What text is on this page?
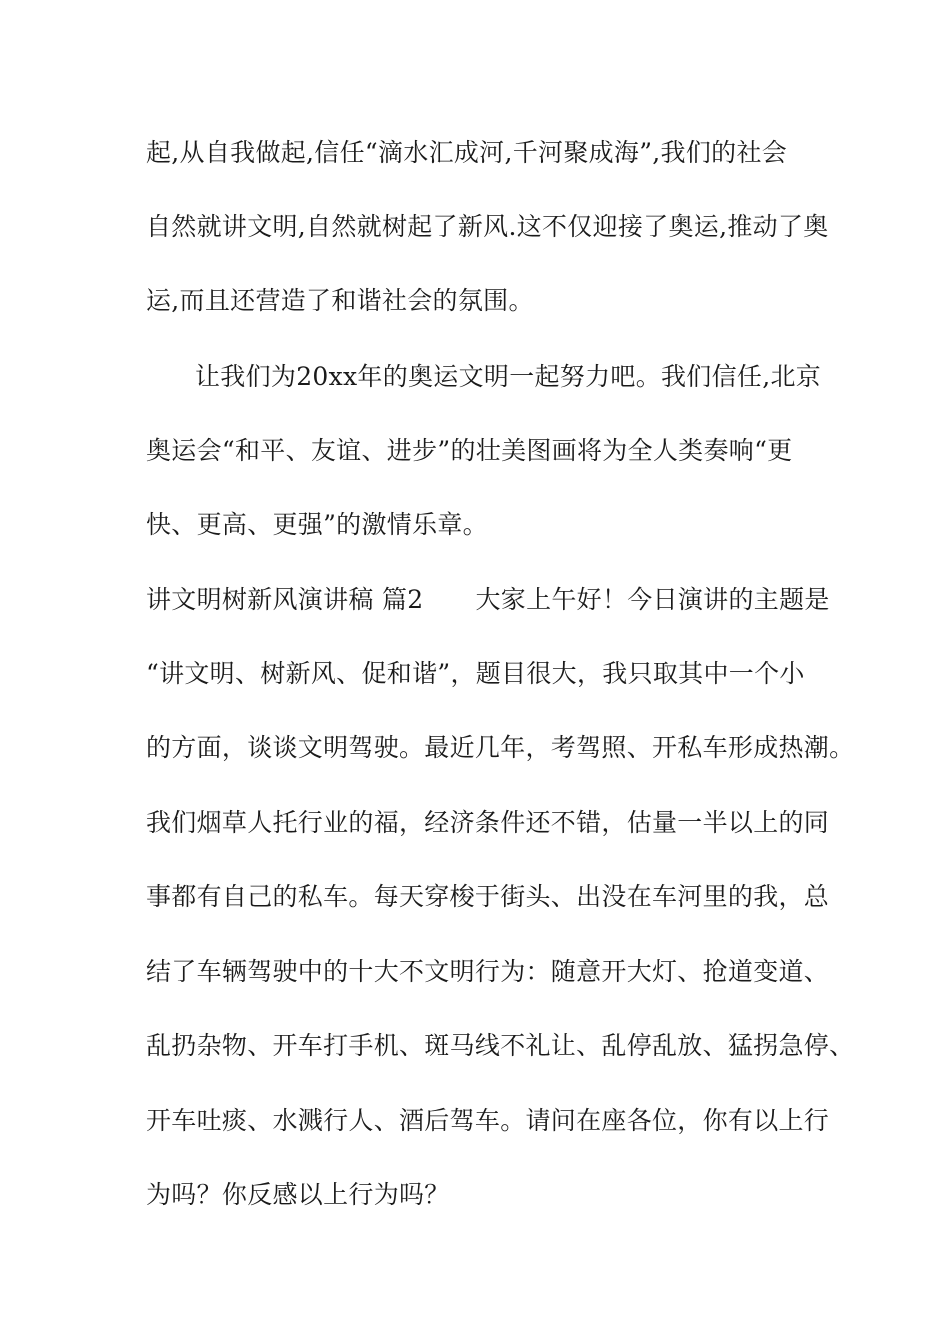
起,从自我做起,信任“滴水汇成河,千河聚成海”,我们的社会
自然就讲文明,自然就树起了新风.这不仅迎接了奥运,推动了奥
运,而且还营造了和谐社会的氛围。
让我们为20xx年的奥运文明一起努力吧。我们信任,北京
奥运会“和平、友谊、进步”的壮美图画将为全人类奏响“更
快、更高、更强”的激情乐章。
讲文明树新风演讲稿 篇2 大家上午好！今日演讲的主题是
“讲文明、树新风、促和谐”，题目很大，我只取其中一个小
的方面，谈谈文明驾驶。最近几年，考驾照、开私车形成热潮。
我们烟草人托行业的福，经济条件还不错，估量一半以上的同
事都有自己的私车。每天穿梭于街头、出没在车河里的我，总
结了车辆驾驶中的十大不文明行为：随意开大灯、抢道变道、
乱扔杂物、开车打手机、斑马线不礼让、乱停乱放、猛拐急停、
开车吐痰、水溅行人、酒后驾车。请问在座各位，你有以上行
为吗？你反感以上行为吗？
